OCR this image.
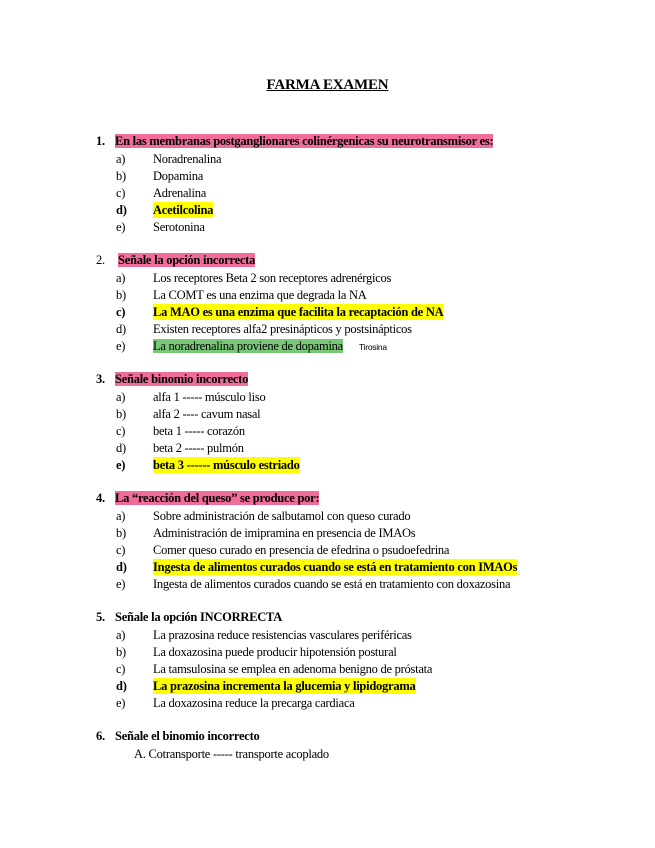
FARMA EXAMEN
1. En las membranas postganglionares colinérgenicas su neurotransmisor es:
a)	Noradrenalina
b)	Dopamina
c)	Adrenalina
d)	Acetilcolina
e)	Serotonina
2. Señale la opción incorrecta
a)	Los receptores Beta 2 son receptores adrenérgicos
b)	La COMT es una enzima que degrada la NA
c)	La MAO es una enzima que facilita la recaptación de NA
d)	Existen receptores alfa2 presinápticos y postsinápticos
e)	La noradrenalina proviene de dopamina Tirosina
3. Señale binomio incorrecto
a)	alfa 1 ----- músculo liso
b)	alfa 2 ---- cavum nasal
c)	beta 1 ----- corazón
d)	beta 2 ----- pulmón
e)	beta 3 ------ músculo estriado
4. La “reacción del queso” se produce por:
a)	Sobre administración de salbutamol con queso curado
b)	Administración de imipramina en presencia de IMAOs
c)	Comer queso curado en presencia de efedrina o psudoefedrina
d)	Ingesta de alimentos curados cuando se está en tratamiento con IMAOs
e)	Ingesta de alimentos curados cuando se está en tratamiento con doxazosina
5. Señale la opción INCORRECTA
a)	La prazosina reduce resistencias vasculares periféricas
b)	La doxazosina puede producir hipotensión postural
c)	La tamsulosina se emplea en adenoma benigno de próstata
d)	La prazosina incrementa la glucemia y lipidograma
e)	La doxazosina reduce la precarga cardiaca
6. Señale el binomio incorrecto
A. Cotransporte ----- transporte acoplado
